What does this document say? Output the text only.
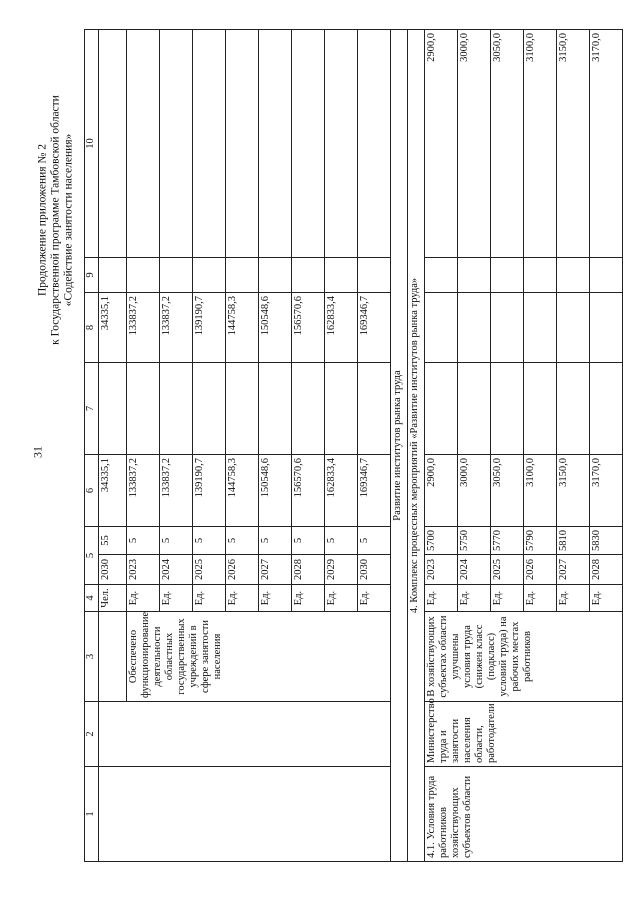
31
Продолжение приложения № 2 к Государственной программе Тамбовской области «Содействие занятости населения»
1	2	3	4	5		6	7	8	9	10
			Чел.	2030	55	34335,1		34335,1		

		Обеспечено функционирование деятельности областных государственных учреждений в сфере занятости населения	Ед.	2023	5	133837,2		133837,2		
			Ед.	2024	5	133837,2		133837,2		
			Ед.	2025	5	139190,7		139190,7		
			Ед.	2026	5	144758,3		144758,3		
			Ед.	2027	5	150548,6		150548,6		
			Ед.	2028	5	156570,6		156570,6		
			Ед.	2029	5	162833,4		162833,4		
			Ед.	2030	5	169346,7		169346,7		
Развитие институтов рынка труда										
4. Комплекс процессных мероприятий «Развитие институтов рынка труда»										
4.1. Условия труда работников хозяйствующих субъектов области	Министерство труда и занятости населения области, работодатели	В хозяйствующих субъектах области улучшены условия труда (снижен класс (подкласс) условий труда) на рабочих местах работников	Ед.	2023	5700	2900,0				2900,0
			Ед.	2024	5750	3000,0				3000,0
			Ед.	2025	5770	3050,0				3050,0
			Ед.	2026	5790	3100,0				3100,0
			Ед.	2027	5810	3150,0				3150,0
			Ед.	2028	5830	3170,0				3170,0
